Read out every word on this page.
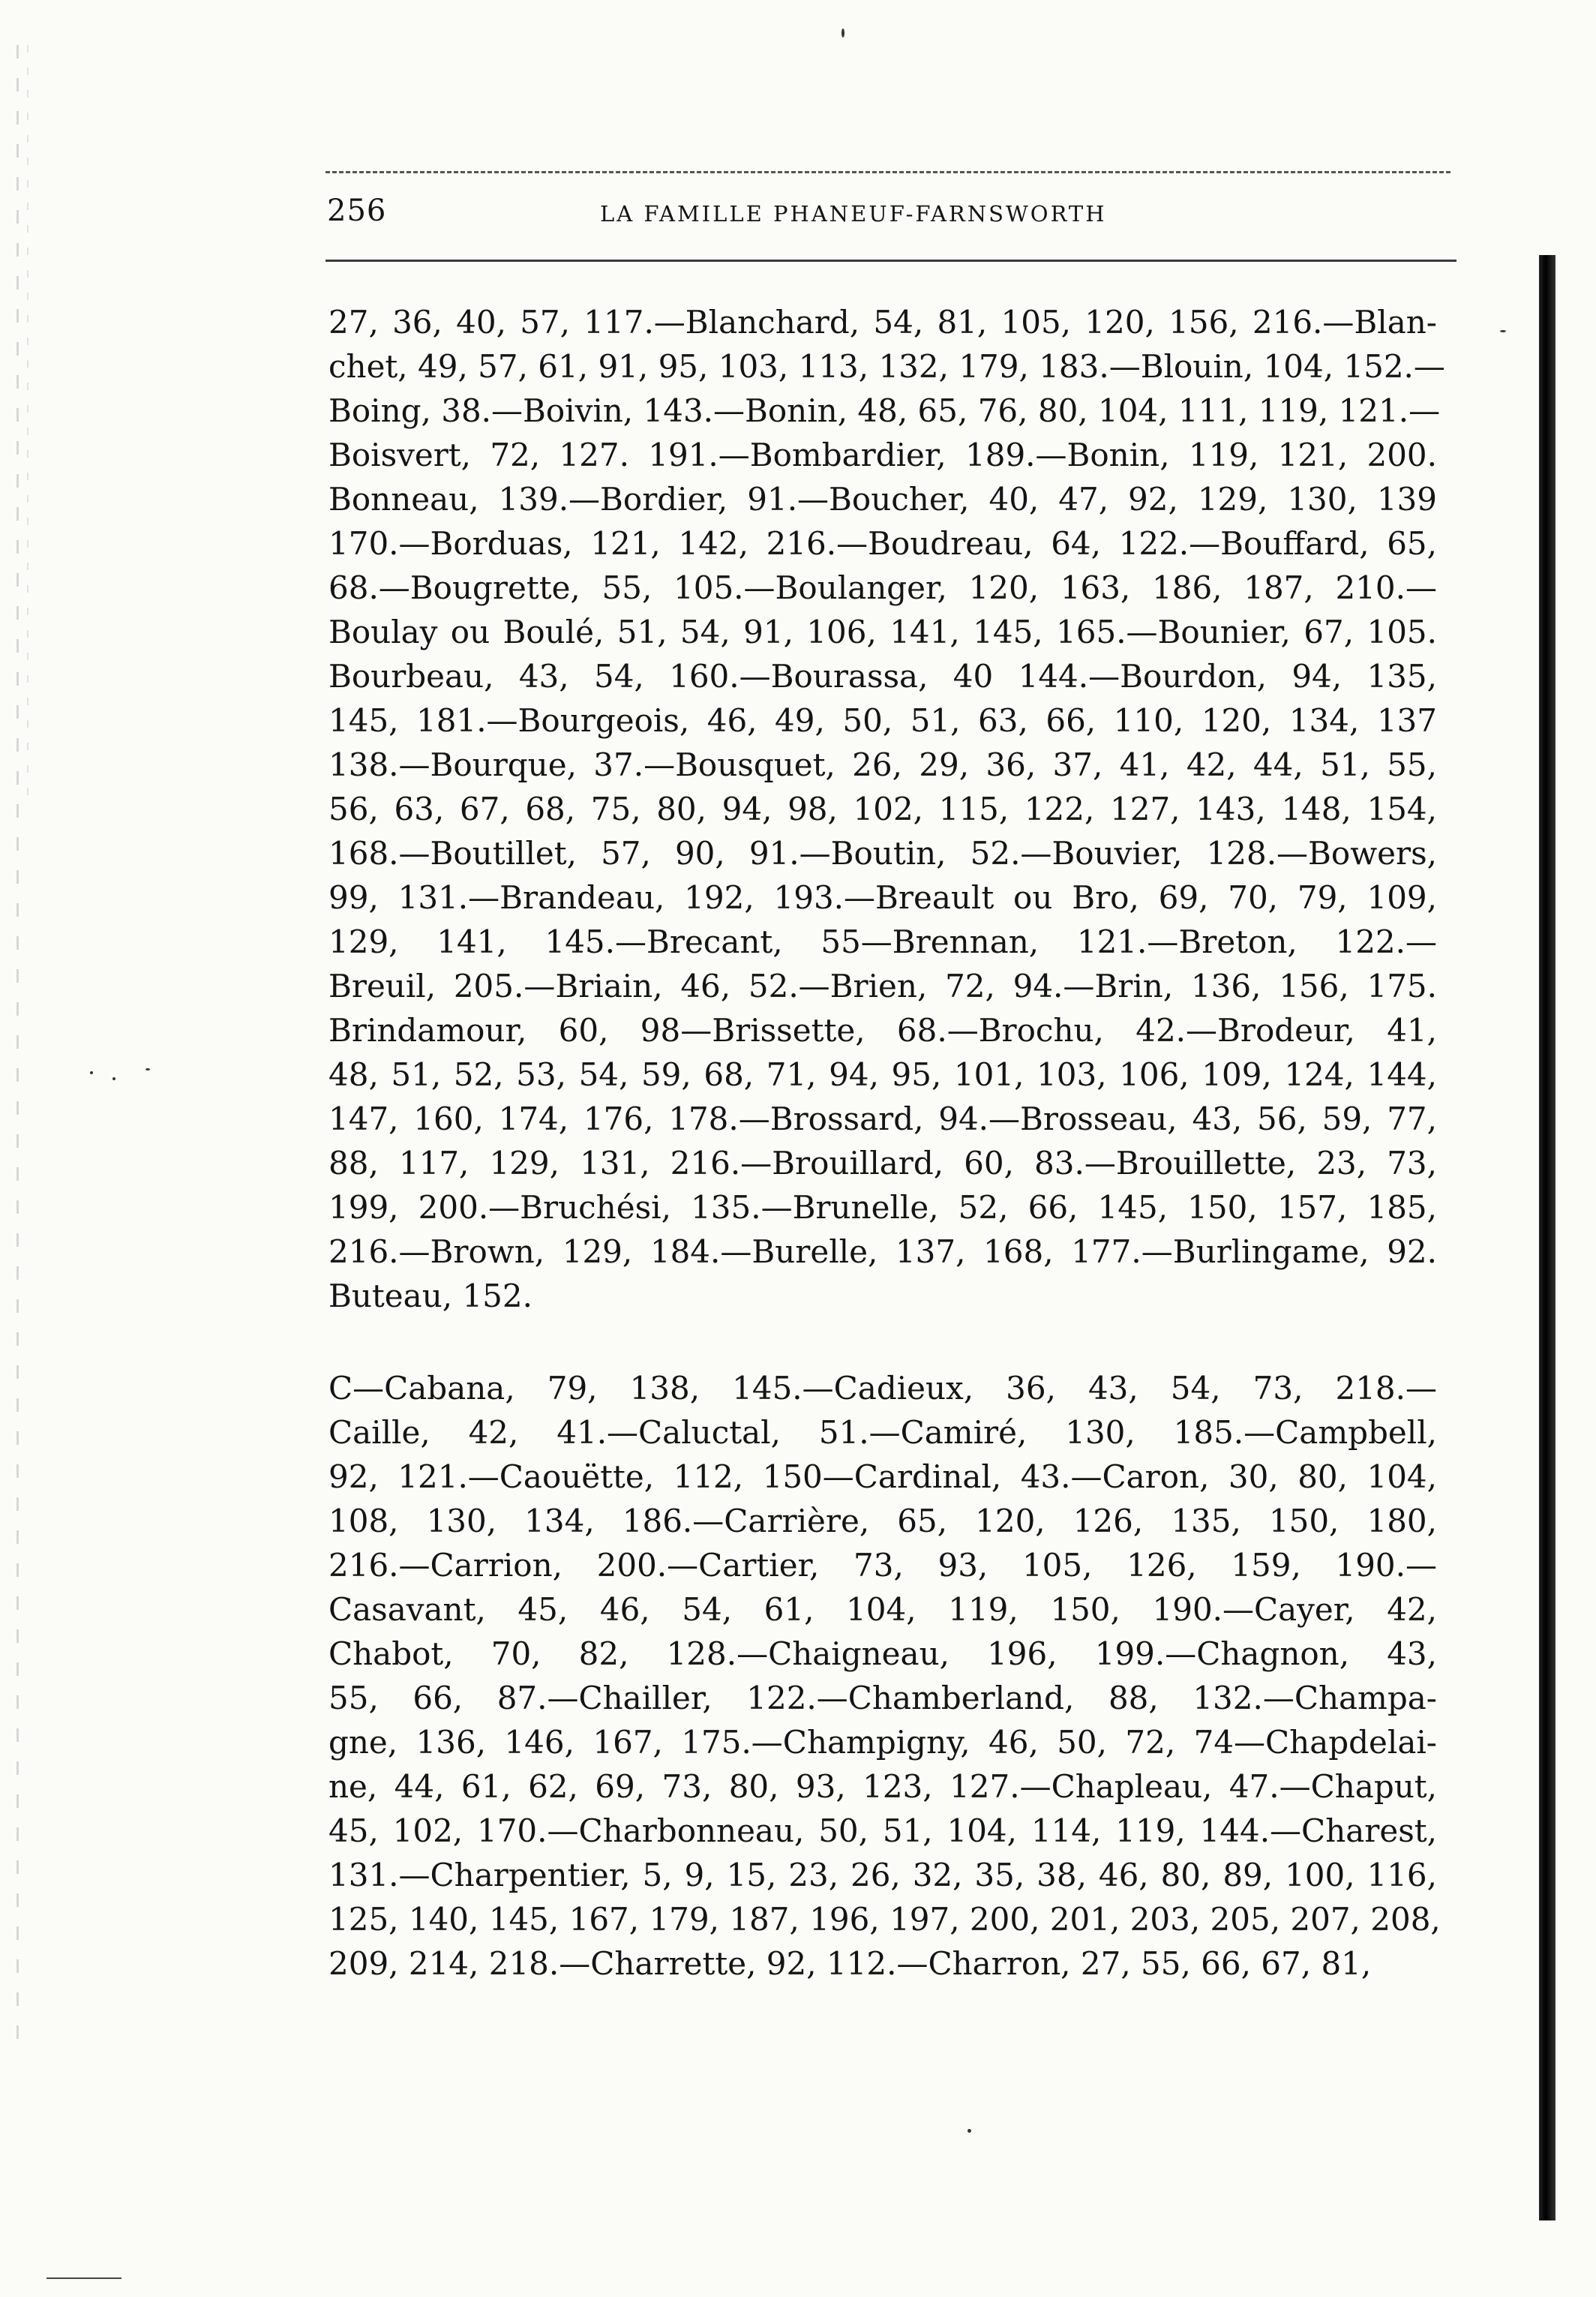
256	LA FAMILLE PHANEUF-FARNSWORTH
27, 36, 40, 57, 117.—Blanchard, 54, 81, 105, 120, 156, 216.—Blan-
chet, 49, 57, 61, 91, 95, 103, 113, 132, 179, 183.—Blouin, 104, 152.—
Boing, 38.—Boivin, 143.—Bonin, 48, 65, 76, 80, 104, 111, 119, 121.—
Boisvert, 72, 127. 191.—Bombardier, 189.—Bonin, 119, 121, 200.
Bonneau, 139.—Bordier, 91.—Boucher, 40, 47, 92, 129, 130, 139
170.—Borduas, 121, 142, 216.—Boudreau, 64, 122.—Bouffard, 65,
68.—Bougrette, 55, 105.—Boulanger, 120, 163, 186, 187, 210.—
Boulay ou Boulé, 51, 54, 91, 106, 141, 145, 165.—Bounier, 67, 105.
Bourbeau, 43, 54, 160.—Bourassa, 40 144.—Bourdon, 94, 135,
145, 181.—Bourgeois, 46, 49, 50, 51, 63, 66, 110, 120, 134, 137
138.—Bourque, 37.—Bousquet, 26, 29, 36, 37, 41, 42, 44, 51, 55,
56, 63, 67, 68, 75, 80, 94, 98, 102, 115, 122, 127, 143, 148, 154,
168.—Boutillet, 57, 90, 91.—Boutin, 52.—Bouvier, 128.—Bowers,
99, 131.—Brandeau, 192, 193.—Breault ou Bro, 69, 70, 79, 109,
129, 141, 145.—Brecant, 55—Brennan, 121.—Breton, 122.—
Breuil, 205.—Briain, 46, 52.—Brien, 72, 94.—Brin, 136, 156, 175.
Brindamour, 60, 98—Brissette, 68.—Brochu, 42.—Brodeur, 41,
48, 51, 52, 53, 54, 59, 68, 71, 94, 95, 101, 103, 106, 109, 124, 144,
147, 160, 174, 176, 178.—Brossard, 94.—Brosseau, 43, 56, 59, 77,
88, 117, 129, 131, 216.—Brouillard, 60, 83.—Brouillette, 23, 73,
199, 200.—Bruchési, 135.—Brunelle, 52, 66, 145, 150, 157, 185,
216.—Brown, 129, 184.—Burelle, 137, 168, 177.—Burlingame, 92.
Buteau, 152.
C—Cabana, 79, 138, 145.—Cadieux, 36, 43, 54, 73, 218.—
Caille, 42, 41.—Caluctal, 51.—Camiré, 130, 185.—Campbell,
92, 121.—Caouëtte, 112, 150—Cardinal, 43.—Caron, 30, 80, 104,
108, 130, 134, 186.—Carrière, 65, 120, 126, 135, 150, 180,
216.—Carrion, 200.—Cartier, 73, 93, 105, 126, 159, 190.—
Casavant, 45, 46, 54, 61, 104, 119, 150, 190.—Cayer, 42,
Chabot, 70, 82, 128.—Chaigneau, 196, 199.—Chagnon, 43,
55, 66, 87.—Chailler, 122.—Chamberland, 88, 132.—Champa-
gne, 136, 146, 167, 175.—Champigny, 46, 50, 72, 74—Chapdelai-
ne, 44, 61, 62, 69, 73, 80, 93, 123, 127.—Chapleau, 47.—Chaput,
45, 102, 170.—Charbonneau, 50, 51, 104, 114, 119, 144.—Charest,
131.—Charpentier, 5, 9, 15, 23, 26, 32, 35, 38, 46, 80, 89, 100, 116,
125, 140, 145, 167, 179, 187, 196, 197, 200, 201, 203, 205, 207, 208,
209, 214, 218.—Charrette, 92, 112.—Charron, 27, 55, 66, 67, 81,
